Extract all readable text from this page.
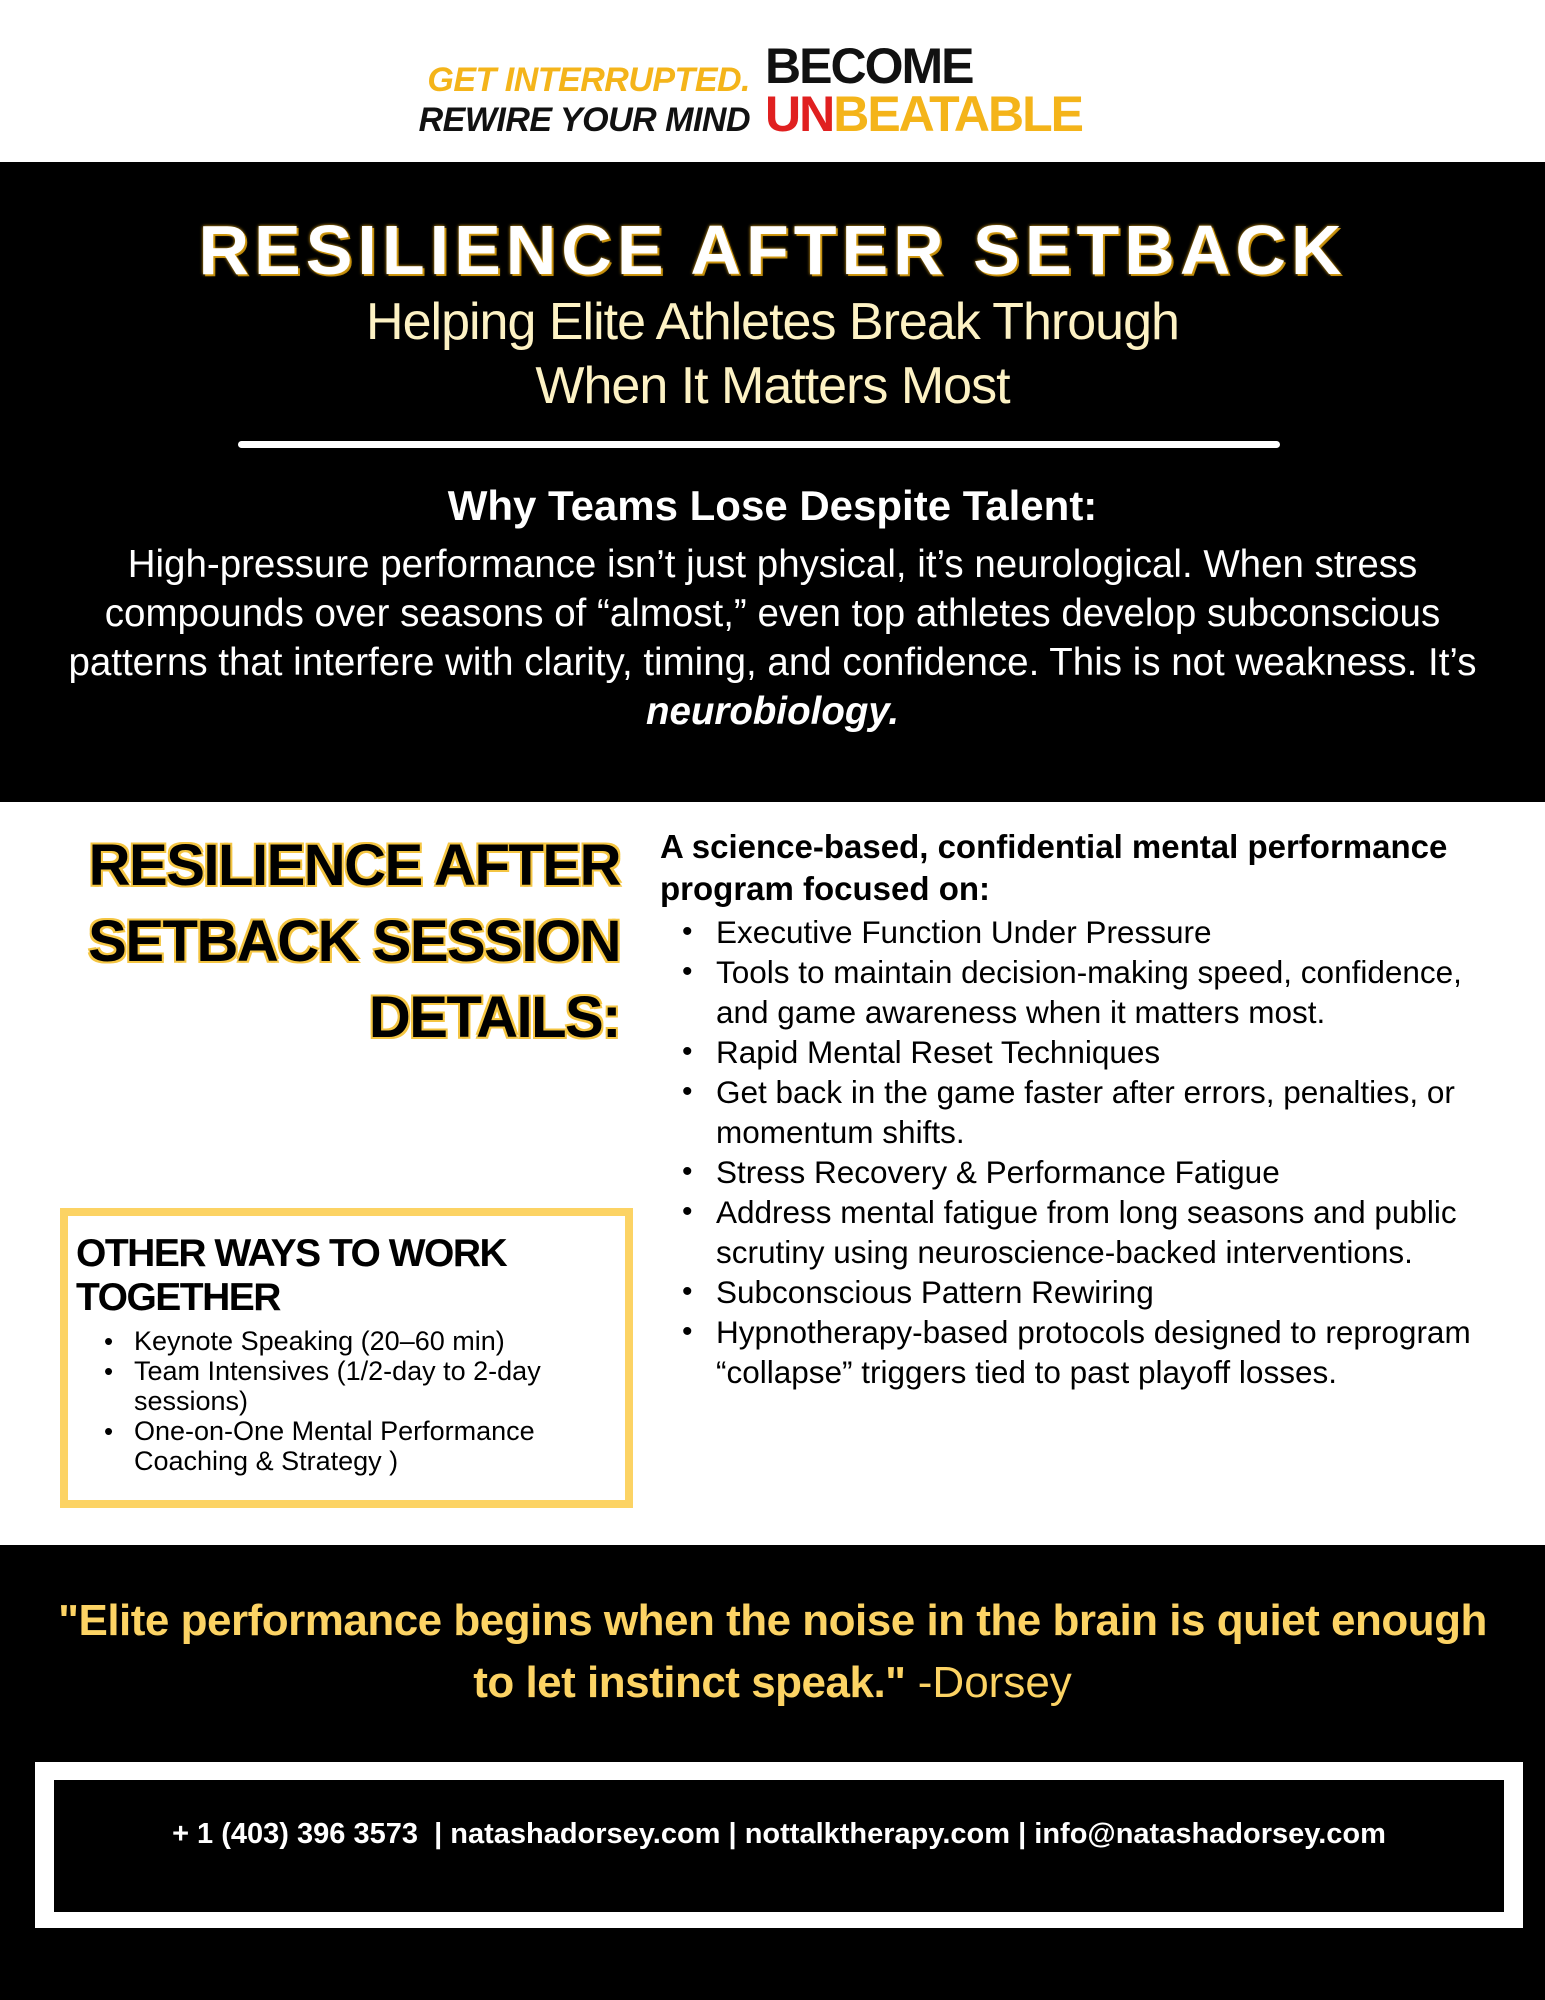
GET INTERRUPTED.
REWIRE YOUR MIND
BECOME
UNBEATABLE
RESILIENCE AFTER SETBACK
Helping Elite Athletes Break Through
When It Matters Most
Why Teams Lose Despite Talent:
High-pressure performance isn’t just physical, it’s neurological. When stress compounds over seasons of “almost,” even top athletes develop subconscious patterns that interfere with clarity, timing, and confidence. This is not weakness. It’s neurobiology.
RESILIENCE AFTER
SETBACK SESSION
DETAILS:
A science-based, confidential mental performance program focused on:
• Executive Function Under Pressure
• Tools to maintain decision-making speed, confidence, and game awareness when it matters most.
• Rapid Mental Reset Techniques
• Get back in the game faster after errors, penalties, or momentum shifts.
• Stress Recovery & Performance Fatigue
• Address mental fatigue from long seasons and public scrutiny using neuroscience-backed interventions.
• Subconscious Pattern Rewiring
• Hypnotherapy-based protocols designed to reprogram “collapse” triggers tied to past playoff losses.
OTHER WAYS TO WORK TOGETHER
• Keynote Speaking (20–60 min)
• Team Intensives (1/2-day to 2-day sessions)
• One-on-One Mental Performance Coaching & Strategy )
"Elite performance begins when the noise in the brain is quiet enough to let instinct speak." -Dorsey
+ 1 (403) 396 3573  | natashadorsey.com | nottalktherapy.com | info@natashadorsey.com
